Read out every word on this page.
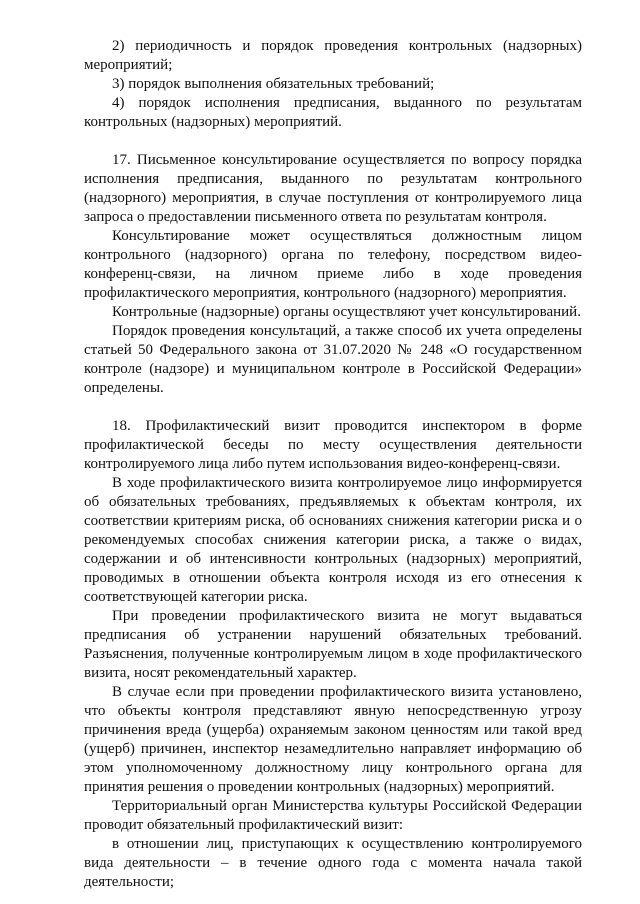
2) периодичность и порядок проведения контрольных (надзорных) мероприятий;

3) порядок выполнения обязательных требований;

4) порядок исполнения предписания, выданного по результатам контрольных (надзорных) мероприятий.

17. Письменное консультирование осуществляется по вопросу порядка исполнения предписания, выданного по результатам контрольного (надзорного) мероприятия, в случае поступления от контролируемого лица запроса о предоставлении письменного ответа по результатам контроля.

Консультирование может осуществляться должностным лицом контрольного (надзорного) органа по телефону, посредством видео-конференц-связи, на личном приеме либо в ходе проведения профилактического мероприятия, контрольного (надзорного) мероприятия.

Контрольные (надзорные) органы осуществляют учет консультирований.

Порядок проведения консультаций, а также способ их учета определены статьей 50 Федерального закона от 31.07.2020 № 248 «О государственном контроле (надзоре) и муниципальном контроле в Российской Федерации» определены.

18. Профилактический визит проводится инспектором в форме профилактической беседы по месту осуществления деятельности контролируемого лица либо путем использования видео-конференц-связи.

В ходе профилактического визита контролируемое лицо информируется об обязательных требованиях, предъявляемых к объектам контроля, их соответствии критериям риска, об основаниях снижения категории риска и о рекомендуемых способах снижения категории риска, а также о видах, содержании и об интенсивности контрольных (надзорных) мероприятий, проводимых в отношении объекта контроля исходя из его отнесения к соответствующей категории риска.

При проведении профилактического визита не могут выдаваться предписания об устранении нарушений обязательных требований. Разъяснения, полученные контролируемым лицом в ходе профилактического визита, носят рекомендательный характер.

В случае если при проведении профилактического визита установлено, что объекты контроля представляют явную непосредственную угрозу причинения вреда (ущерба) охраняемым законом ценностям или такой вред (ущерб) причинен, инспектор незамедлительно направляет информацию об этом уполномоченному должностному лицу контрольного органа для принятия решения о проведении контрольных (надзорных) мероприятий.

Территориальный орган Министерства культуры Российской Федерации проводит обязательный профилактический визит:

в отношении лиц, приступающих к осуществлению контролируемого вида деятельности – в течение одного года с момента начала такой деятельности;
